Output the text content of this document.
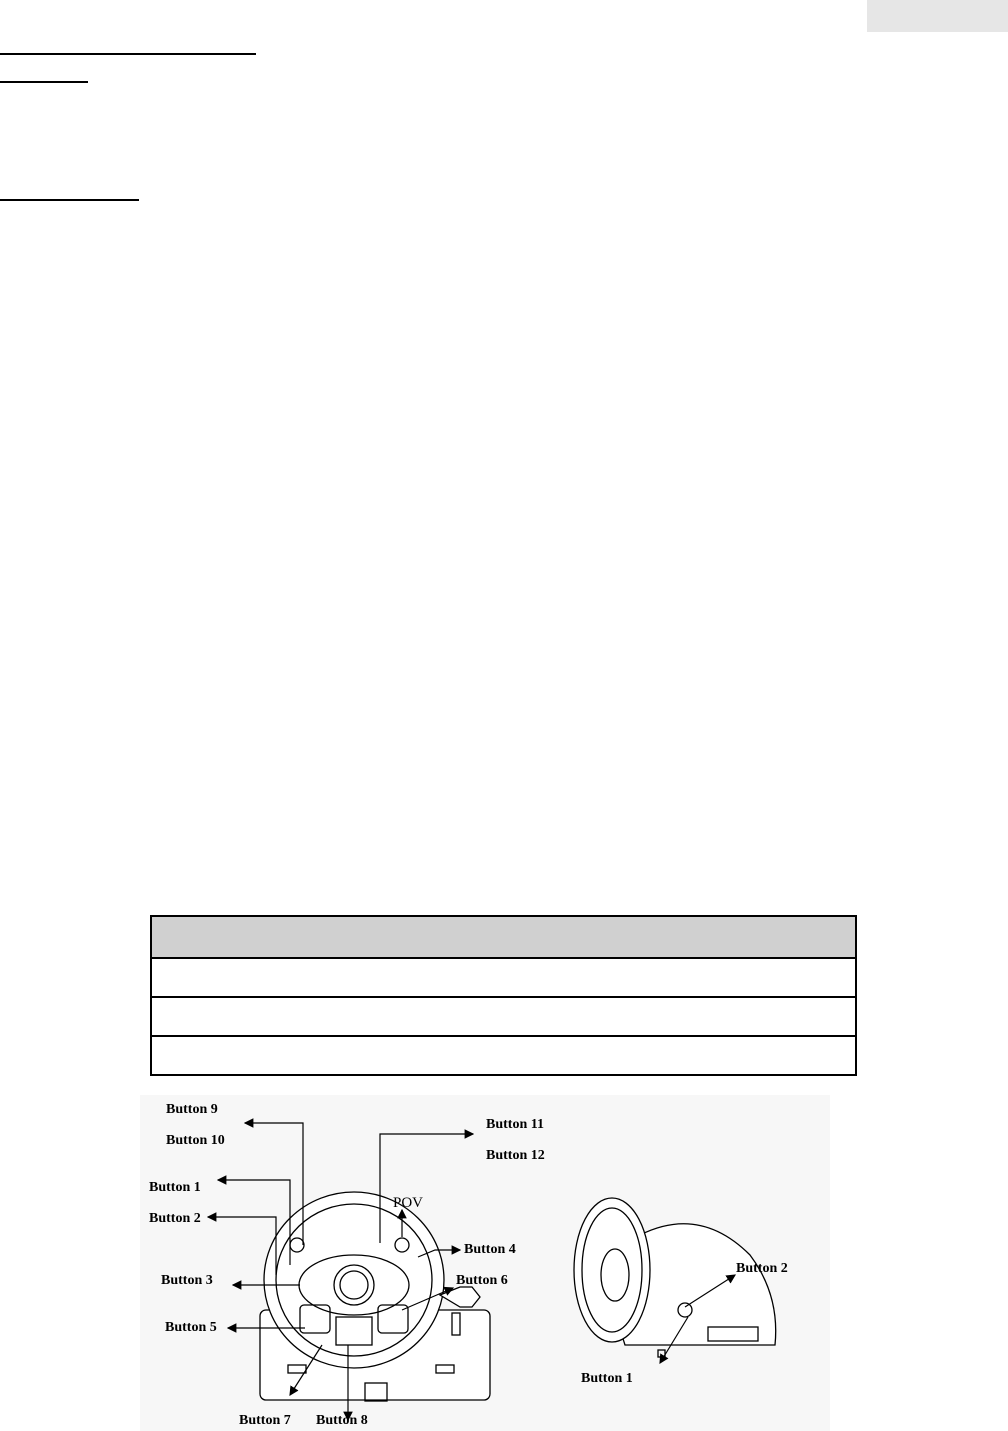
Button 9
Button 10
Button 1
Button 2
Button 3
Button 5
Button 7 Button 8
Button 11
Button 12
POV
Button 4
Button 6
Button 2
Button 1
